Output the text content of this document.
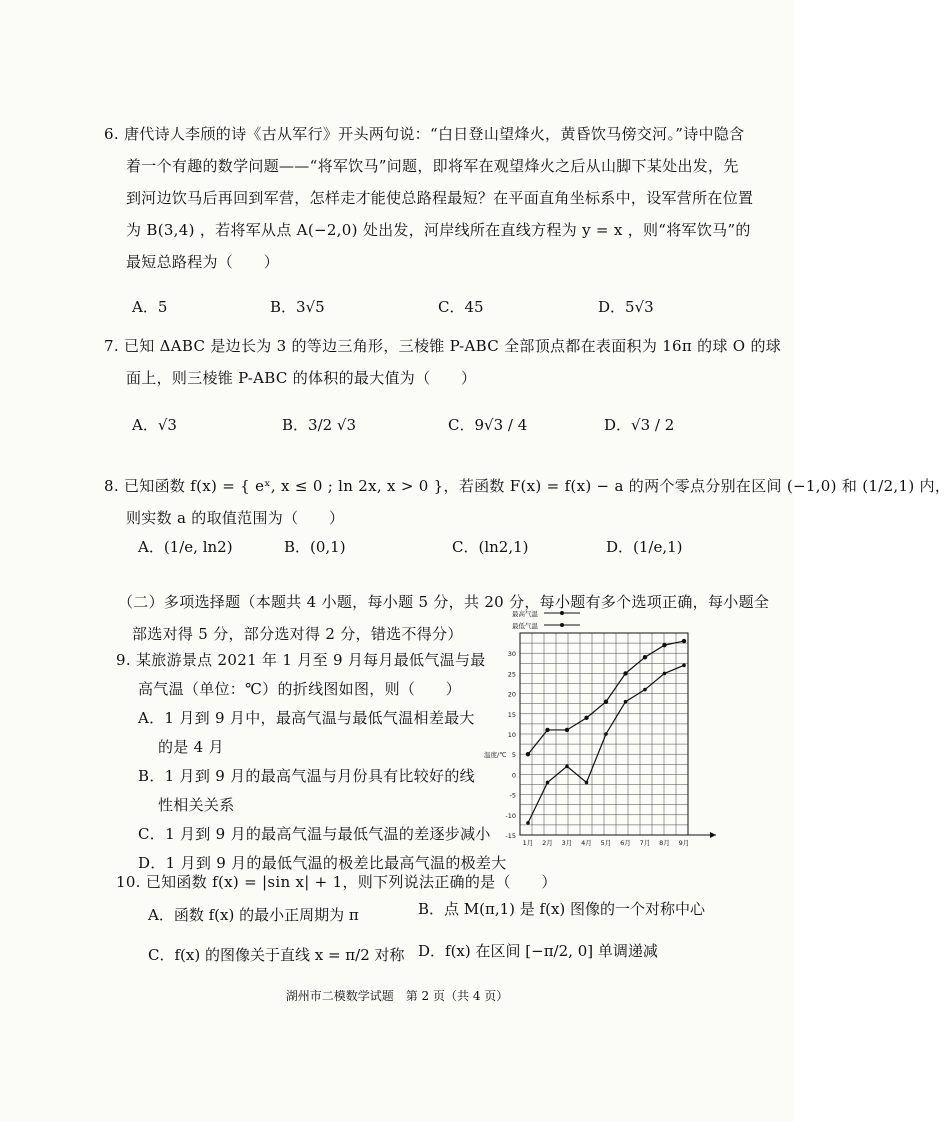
6. 唐代诗人李颀的诗《古从军行》开头两句说：“白日登山望烽火，黄昏饮马傍交河。”诗中隐含
着一个有趣的数学问题——“将军饮马”问题，即将军在观望烽火之后从山脚下某处出发，先
到河边饮马后再回到军营，怎样走才能使总路程最短？在平面直角坐标系中，设军营所在位置
为 B(3,4) ，若将军从点 A(−2,0) 处出发，河岸线所在直线方程为 y = x ，则“将军饮马”的
最短总路程为（　　）
A．5	B．3√5	C．45	D．5√3
7. 已知 ΔABC 是边长为 3 的等边三角形，三棱锥 P-ABC 全部顶点都在表面积为 16π 的球 O 的球
面上，则三棱锥 P-ABC 的体积的最大值为（　　）
A．√3	B．3/2 √3	C．9√3 / 4	D．√3 / 2
8. 已知函数 f(x) = { eˣ, x ≤ 0 ; ln 2x, x > 0 }，若函数 F(x) = f(x) − a 的两个零点分别在区间 (−1,0) 和 (1/2,1) 内，
则实数 a 的取值范围为（　　）
A．(1/e, ln2)	B．(0,1)	C．(ln2,1)	D．(1/e,1)
（二）多项选择题（本题共 4 小题，每小题 5 分，共 20 分，每小题有多个选项正确，每小题全
部选对得 5 分，部分选对得 2 分，错选不得分）
9. 某旅游景点 2021 年 1 月至 9 月每月最低气温与最
高气温（单位：℃）的折线图如图，则（　　）
A．1 月到 9 月中，最高气温与最低气温相差最大
的是 4 月
B．1 月到 9 月的最高气温与月份具有比较好的线
性相关关系
C．1 月到 9 月的最高气温与最低气温的差逐步减小
D．1 月到 9 月的最低气温的极差比最高气温的极差大
-15
-10
-5
0
5
10
15
20
25
30
温度/℃
1月 2月 3月 4月 5月 6月 7月 8月 9月
最高气温
最低气温
10. 已知函数 f(x) = |sin x| + 1，则下列说法正确的是（　　）
A．函数 f(x) 的最小正周期为 π	B．点 M(π,1) 是 f(x) 图像的一个对称中心
C．f(x) 的图像关于直线 x = π/2 对称 D．f(x) 在区间 [−π/2, 0] 单调递减
湖州市二模数学试题　第 2 页（共 4 页）
